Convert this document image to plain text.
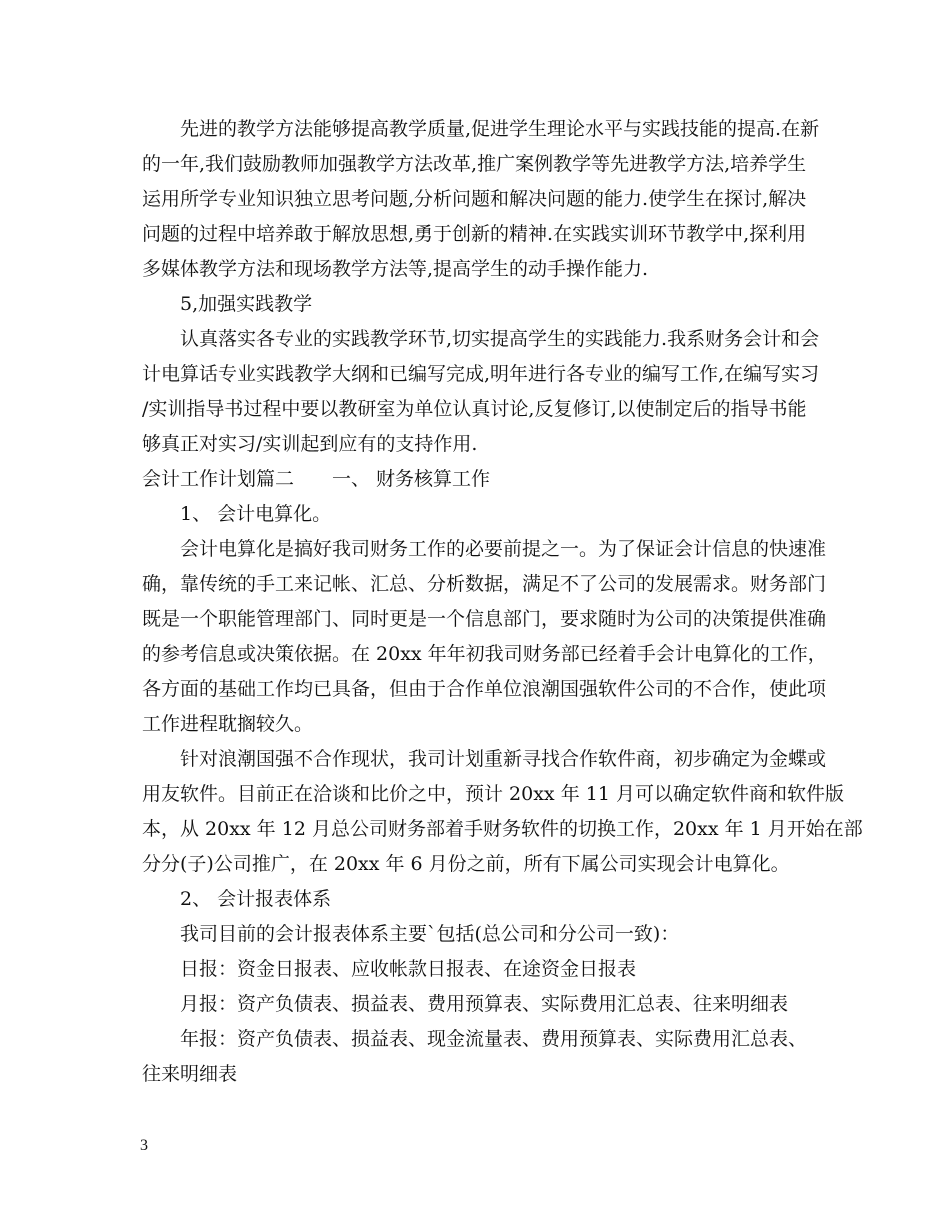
先进的教学方法能够提高教学质量,促进学生理论水平与实践技能的提高.在新
的一年,我们鼓励教师加强教学方法改革,推广案例教学等先进教学方法,培养学生
运用所学专业知识独立思考问题,分析问题和解决问题的能力.使学生在探讨,解决
问题的过程中培养敢于解放思想,勇于创新的精神.在实践实训环节教学中,探利用
多媒体教学方法和现场教学方法等,提高学生的动手操作能力.
5,加强实践教学
认真落实各专业的实践教学环节,切实提高学生的实践能力.我系财务会计和会
计电算话专业实践教学大纲和已编写完成,明年进行各专业的编写工作,在编写实习
/实训指导书过程中要以教研室为单位认真讨论,反复修订,以使制定后的指导书能
够真正对实习/实训起到应有的支持作用.
会计工作计划篇二　　一、 财务核算工作
1、 会计电算化。
会计电算化是搞好我司财务工作的必要前提之一。为了保证会计信息的快速准
确，靠传统的手工来记帐、汇总、分析数据，满足不了公司的发展需求。财务部门
既是一个职能管理部门、同时更是一个信息部门，要求随时为公司的决策提供准确
的参考信息或决策依据。在 20xx 年年初我司财务部已经着手会计电算化的工作，
各方面的基础工作均已具备，但由于合作单位浪潮国强软件公司的不合作，使此项
工作进程耽搁较久。
针对浪潮国强不合作现状，我司计划重新寻找合作软件商，初步确定为金蝶或
用友软件。目前正在洽谈和比价之中，预计 20xx 年 11 月可以确定软件商和软件版
本，从 20xx 年 12 月总公司财务部着手财务软件的切换工作，20xx 年 1 月开始在部
分分(子)公司推广，在 20xx 年 6 月份之前，所有下属公司实现会计电算化。
2、 会计报表体系
我司目前的会计报表体系主要`包括(总公司和分公司一致)：
日报：资金日报表、应收帐款日报表、在途资金日报表
月报：资产负债表、损益表、费用预算表、实际费用汇总表、往来明细表
年报：资产负债表、损益表、现金流量表、费用预算表、实际费用汇总表、
往来明细表
3
